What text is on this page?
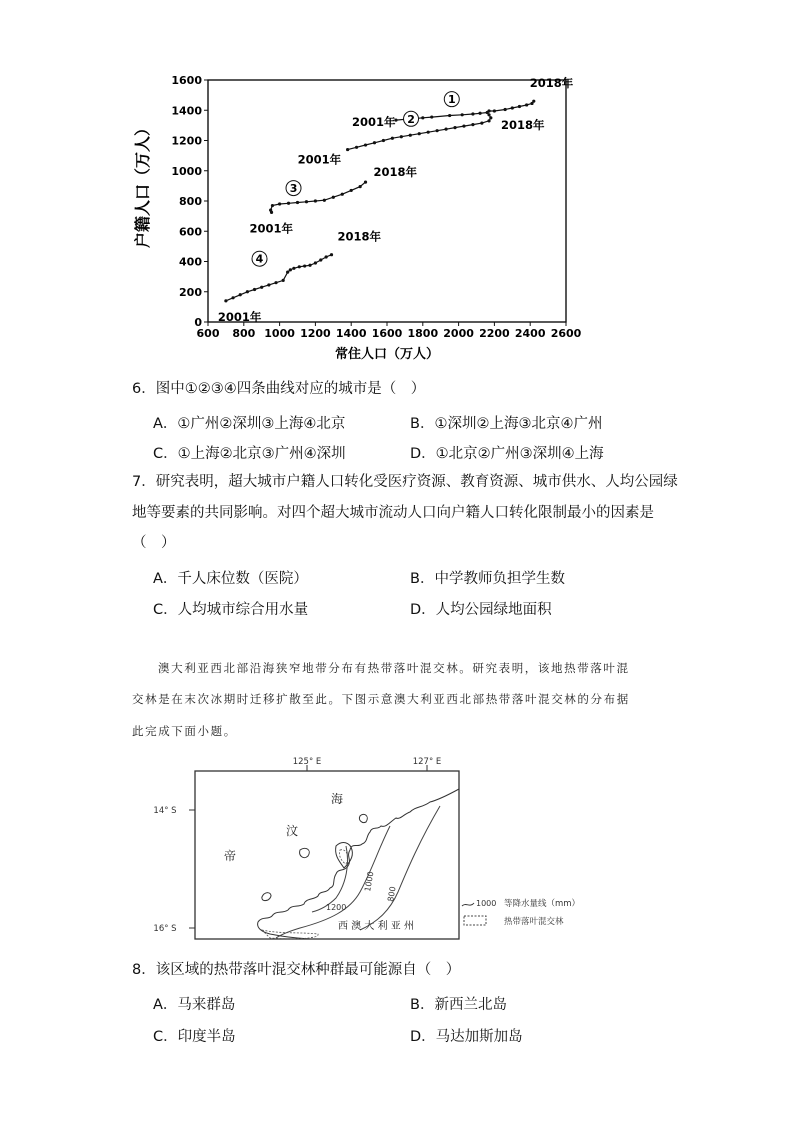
600 800 1000 1200 1400 1600 1800 2000 2200 2400 2600
0
200
400
600
800
1000
1200
1400
1600
2001年
2018年
1
2001年
2018年
2
2001年
2018年
3
2001年
2018年
4
常住人口（万人）
户籍人口（万人）
6．图中①②③④四条曲线对应的城市是（　）
A．①广州②深圳③上海④北京	B．①深圳②上海③北京④广州
C．①上海②北京③广州④深圳	D．①北京②广州③深圳④上海
7．研究表明，超大城市户籍人口转化受医疗资源、教育资源、城市供水、人均公园绿
地等要素的共同影响。对四个超大城市流动人口向户籍人口转化限制最小的因素是
（　）
A．千人床位数（医院）	B．中学教师负担学生数
C．人均城市综合用水量	D．人均公园绿地面积
澳大利亚西北部沿海狭窄地带分布有热带落叶混交林。研究表明，该地热带落叶混
交林是在末次冰期时迁移扩散至此。下图示意澳大利亚西北部热带落叶混交林的分布据
此完成下面小题。
125° E	127° E
14° S
16° S
帝
汶
海
1000
800
1200
西 澳 大 利 亚 州
1000 等降水量线（mm）
热带落叶混交林
8．该区域的热带落叶混交林种群最可能源自（　）
A．马来群岛	B．新西兰北岛
C．印度半岛	D．马达加斯加岛
